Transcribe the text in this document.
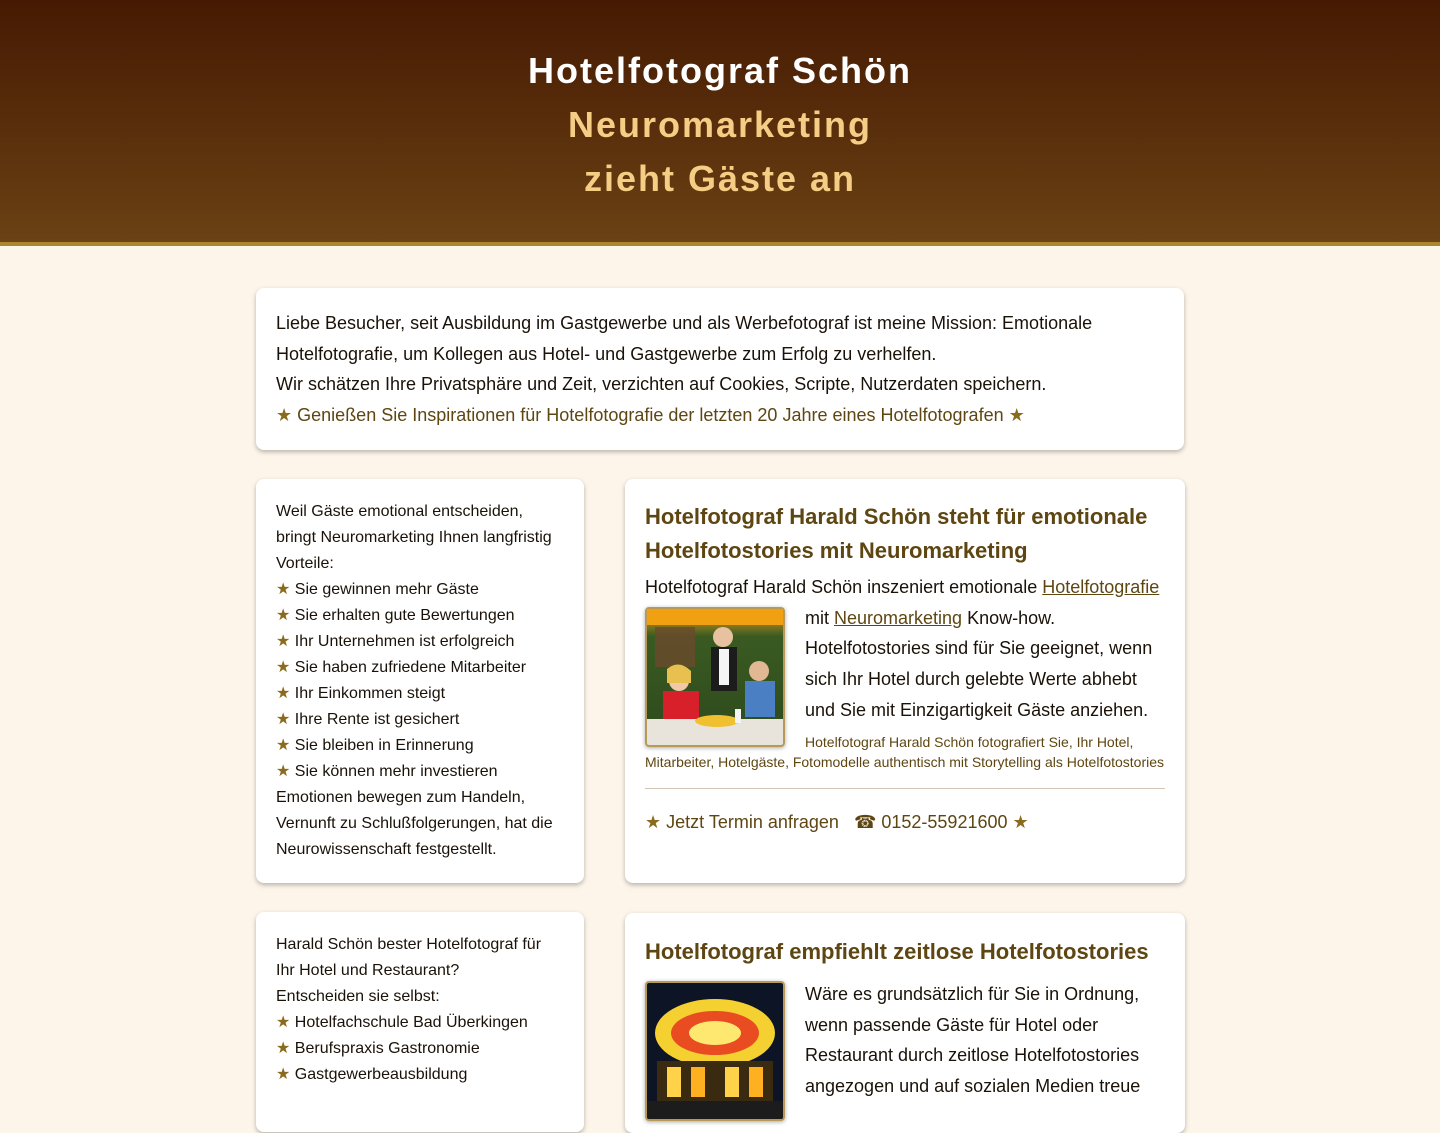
Hotelfotograf Schön
Neuromarketing
zieht Gäste an
Liebe Besucher, seit Ausbildung im Gastgewerbe und als Werbefotograf ist meine Mission: Emotionale Hotelfotografie, um Kollegen aus Hotel- und Gastgewerbe zum Erfolg zu verhelfen.
Wir schätzen Ihre Privatsphäre und Zeit, verzichten auf Cookies, Scripte, Nutzerdaten speichern.
★ Genießen Sie Inspirationen für Hotelfotografie der letzten 20 Jahre eines Hotelfotografen ★
Weil Gäste emotional entscheiden, bringt Neuromarketing Ihnen langfristig Vorteile:
★ Sie gewinnen mehr Gäste
★ Sie erhalten gute Bewertungen
★ Ihr Unternehmen ist erfolgreich
★ Sie haben zufriedene Mitarbeiter
★ Ihr Einkommen steigt
★ Ihre Rente ist gesichert
★ Sie bleiben in Erinnerung
★ Sie können mehr investieren
Emotionen bewegen zum Handeln, Vernunft zu Schlußfolgerungen, hat die Neurowissenschaft festgestellt.
Harald Schön bester Hotelfotograf für Ihr Hotel und Restaurant?
Entscheiden sie selbst:
★ Hotelfachschule Bad Überkingen
★ Berufspraxis Gastronomie
★ Gastgewerbeausbildung
Hotelfotograf Harald Schön steht für emotionale Hotelfotostories mit Neuromarketing
Hotelfotograf Harald Schön inszeniert emotionale Hotelfotografie
mit Neuromarketing Know-how. Hotelfotostories sind für Sie geeignet, wenn sich Ihr Hotel durch gelebte Werte abhebt und Sie mit Einzigartigkeit Gäste anziehen.
Hotelfotograf Harald Schön fotografiert Sie, Ihr Hotel, Mitarbeiter, Hotelgäste, Fotomodelle authentisch mit Storytelling als Hotelfotostories
★ Jetzt Termin anfragen ☎ 0152-55921600 ★
Hotelfotograf empfiehlt zeitlose Hotelfotostories
Wäre es grundsätzlich für Sie in Ordnung, wenn passende Gäste für Hotel oder Restaurant durch zeitlose Hotelfotostories angezogen und auf sozialen Medien treue
